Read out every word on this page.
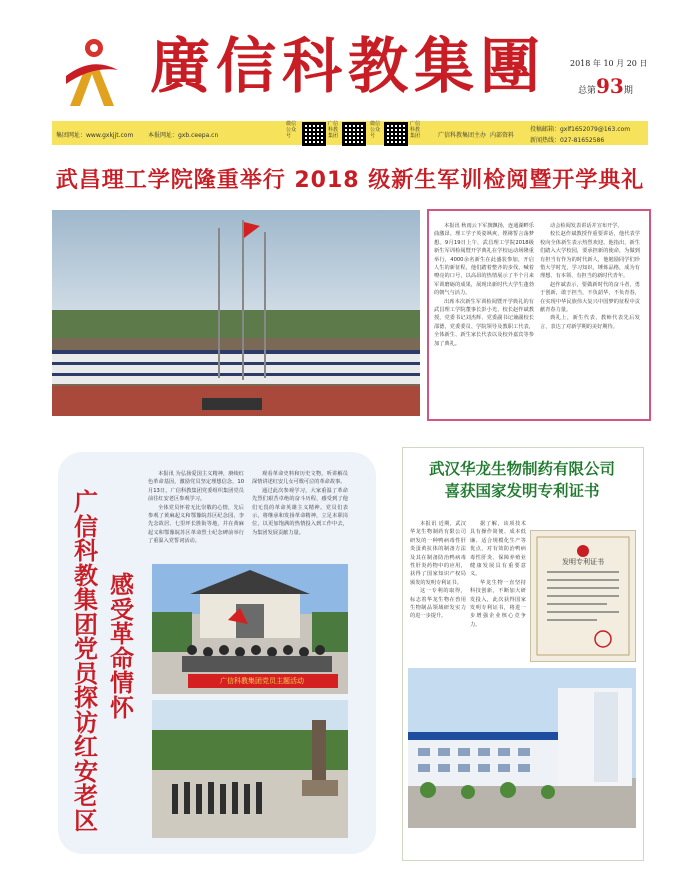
廣信科教集團	2018 年 10 月 20 日
总第93期
集团网址：www.gxkjjt.com 本报网址：gxb.ceepa.cn
微信公众号
广信科教集团
微信公众号
广信科教集团	广信科教集团主办 内部资料
投稿邮箱：gxlf1652079@163.com
新闻热线：027-81652586
武昌理工学院隆重举行 2018 级新生军训检阅暨开学典礼

本报讯 秋雨云下军旗飘扬，连通湖畔乐曲激昂。理工学子英姿飒爽，铿锵誓言荡梦想。9月19日上午，武昌理工学院2018级新生军训检阅暨开学典礼在学校运动场隆重举行，4000余名新生在此盛装参加，开启人生的新征程，他们踏着整齐的步伐，喊着嘹亮的口号，以高昂的热情展示了半个月来军训磨砺的成果，展现出新时代大学生蓬勃的朝气与活力。

出席本次新生军训检阅暨开学典礼的有武昌理工学院董事长彭小光、校长赵作斌教授，党委书记刘杰辉、党委副书记兼副校长邵德，党委委员、学院领导及教职工代表，全体新生、新生家长代表以及校外嘉宾等参加了典礼。

动会检阅发表讲话并宣布开学。

校长赵作斌教授作重要讲话，他代表学校向全体新生表示热烈欢迎。他指出，新生们踏入大学校园，要承担新的使命，为做到有担当有作为的时代新人，他勉励同学们珍惜大学时光，学习知识，锤炼品格，成为有理想、有本领、有担当的新时代青年。

赵作斌表示，要做新时代的奋斗者，勇于创新，敢于担当，不负韶华，不负青春，在实现中华民族伟大复兴中国梦的征程中贡献青春力量。

典礼上，新生代表、教师代表先后发言，表达了对新学期的美好期待。

广
信
科
教
集
团
党
员
探
访
红
安
老
区
感
受
革
命
情
怀

本报讯 为弘扬爱国主义精神，赓续红色革命基因，激励党员坚定理想信念，10月13日，广信科教集团党委组织集团党员前往红安老区参观学习。

全体党员怀着无比崇敬的心情，先后参观了黄麻起义和鄂豫皖苏区纪念园、李先念故居、七里坪长胜街等地，并在黄麻起义和鄂豫皖苏区革命烈士纪念碑前举行了重温入党誓词活动。

观看革命史料和历史文物，听讲解员深情讲述红安儿女可歌可泣的革命故事。

通过此次参观学习，大家重温了革命先烈们艰苦卓绝的奋斗历程，感受到了他们无畏的革命英雄主义精神。党员们表示，将继承和发扬革命精神，立足本职岗位，以更加饱满的热情投入到工作中去，为集团发展贡献力量。

广信科教集团党员主题活动
武汉华龙生物制药有限公司
喜获国家发明专利证书

本报讯 近期，武汉华龙生物制药有限公司研发的一种鸭病毒性肝炎蛋黄抗体的制备方法及其在制备防治鸭病毒性肝炎药物中的应用，获得了国家知识产权局颁发的发明专利证书。

这一专利的取得，标志着华龙生物在兽用生物制品领域研发实力的进一步提升。

据了解，该项技术具有操作简便、成本低廉、适合规模化生产等优点，对有效防治鸭病毒性肝炎、保障养殖业健康发展具有重要意义。

华龙生物一直坚持科技创新，不断加大研发投入，此次获得国家发明专利证书，将进一步增强企业核心竞争力。

发明专利证书
